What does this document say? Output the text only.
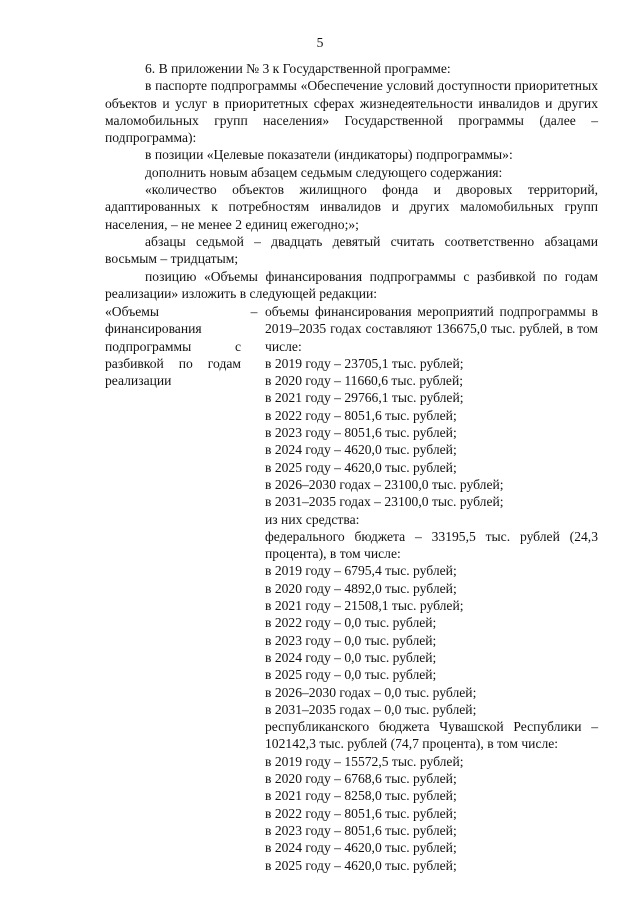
5

6. В приложении № 3 к Государственной программе:

в паспорте подпрограммы «Обеспечение условий доступности приоритетных объектов и услуг в приоритетных сферах жизнедеятельности инвалидов и других маломобильных групп населения» Государственной программы (далее – подпрограмма):

в позиции «Целевые показатели (индикаторы) подпрограммы»:

дополнить новым абзацем седьмым следующего содержания:

«количество объектов жилищного фонда и дворовых территорий, адаптированных к потребностям инвалидов и других маломобильных групп населения, – не менее 2 единиц ежегодно;»;

абзацы седьмой – двадцать девятый считать соответственно абзацами восьмым – тридцатым;

позицию «Объемы финансирования подпрограммы с разбивкой по годам реализации» изложить в следующей редакции:

«Объемы финансирования подпрограммы с разбивкой по годам реализации
– объемы финансирования мероприятий подпрограммы в 2019–2035 годах составляют 136675,0 тыс. рублей, в том числе:
в 2019 году – 23705,1 тыс. рублей;
в 2020 году – 11660,6 тыс. рублей;
в 2021 году – 29766,1 тыс. рублей;
в 2022 году – 8051,6 тыс. рублей;
в 2023 году – 8051,6 тыс. рублей;
в 2024 году – 4620,0 тыс. рублей;
в 2025 году – 4620,0 тыс. рублей;
в 2026–2030 годах – 23100,0 тыс. рублей;
в 2031–2035 годах – 23100,0 тыс. рублей;
из них средства:
федерального бюджета – 33195,5 тыс. рублей (24,3 процента), в том числе:
в 2019 году – 6795,4 тыс. рублей;
в 2020 году – 4892,0 тыс. рублей;
в 2021 году – 21508,1 тыс. рублей;
в 2022 году – 0,0 тыс. рублей;
в 2023 году – 0,0 тыс. рублей;
в 2024 году – 0,0 тыс. рублей;
в 2025 году – 0,0 тыс. рублей;
в 2026–2030 годах – 0,0 тыс. рублей;
в 2031–2035 годах – 0,0 тыс. рублей;
республиканского бюджета Чувашской Республики – 102142,3 тыс. рублей (74,7 процента), в том числе:
в 2019 году – 15572,5 тыс. рублей;
в 2020 году – 6768,6 тыс. рублей;
в 2021 году – 8258,0 тыс. рублей;
в 2022 году – 8051,6 тыс. рублей;
в 2023 году – 8051,6 тыс. рублей;
в 2024 году – 4620,0 тыс. рублей;
в 2025 году – 4620,0 тыс. рублей;
